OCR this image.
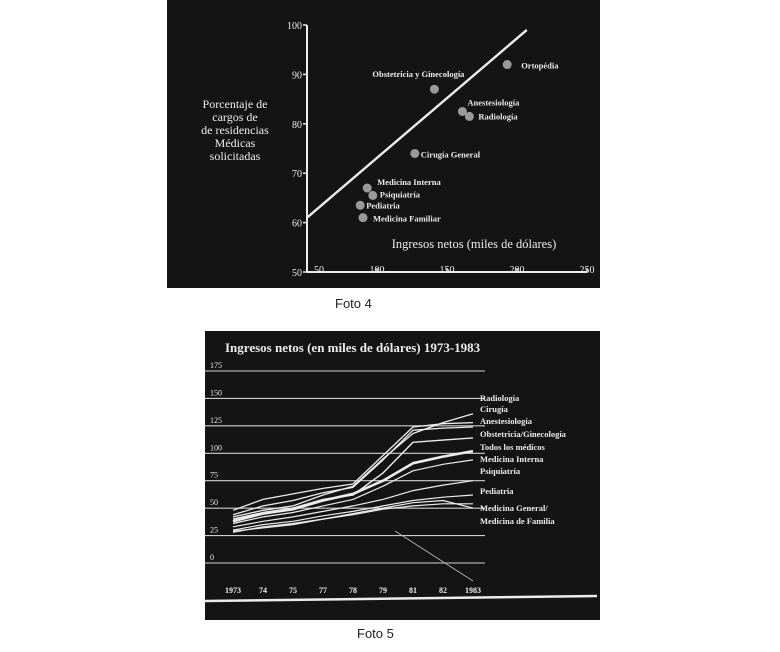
50
60
70
80
90
100
50	100	150	200	250
Porcentaje de cargos de de residencias Médicas solicitadas
Ingresos netos (miles de dólares)
Ortopédia
Obstetricia y Ginecología
Anestesiología
Radiología
Cirugía General
Medicina Interna
Psiquiatría
Pediatria
Medicina Familiar
Foto 4
Ingresos netos (en miles de dólares) 1973-1983
0
25
50
75
100
125
150
175
1973 74	75	77	78	79	81	82 1983
Radiología
Cirugía
Anestesiología
Obstetricia/Ginecología
Todos los médicos
Medicina Interna
Psiquiatría
Pediatria
Medicina General/
Medicina de Familia
Foto 5
